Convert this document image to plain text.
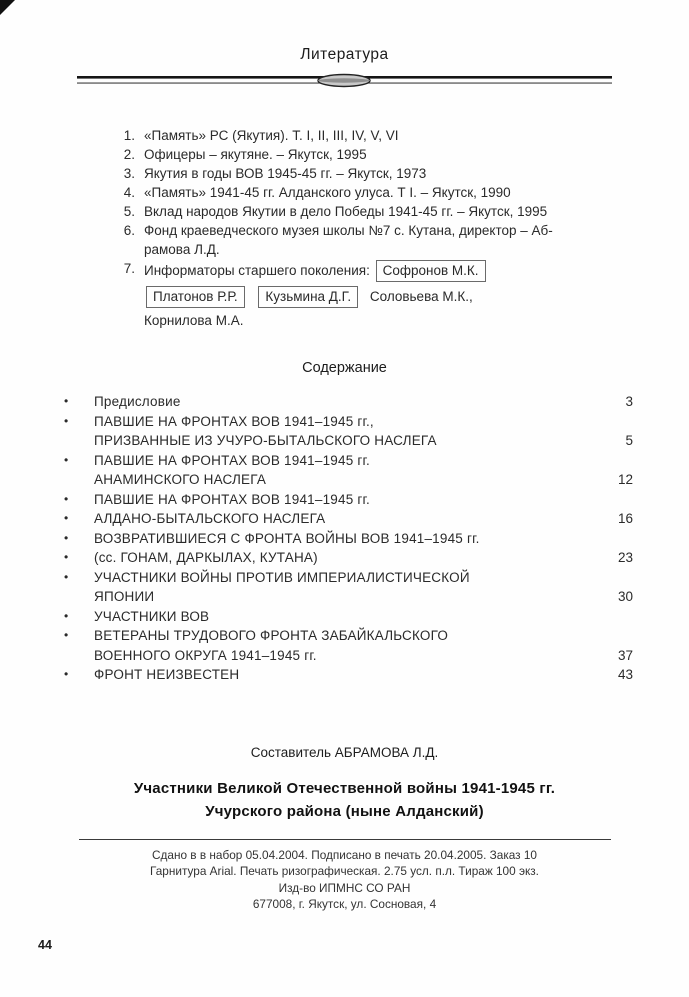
Литература
1. «Память» РС (Якутия). Т. I, II, III, IV, V, VI
2. Офицеры – якутяне. – Якутск, 1995
3. Якутия в годы ВОВ 1945-45 гг. – Якутск, 1973
4. «Память» 1941-45 гг. Алданского улуса. Т I. – Якутск, 1990
5. Вклад народов Якутии в дело Победы 1941-45 гг. – Якутск, 1995
6. Фонд краеведческого музея школы №7 с. Кутана, директор – Аб-
рамова Л.Д.
7. Информаторы старшего поколения: Софронов М.К.
Платонов Р.Р. Кузьмина Д.Г. Соловьева М.К.,
Корнилова М.А.
Содержание
•	Предисловие	3
•	ПАВШИЕ НА ФРОНТАХ ВОВ 1941–1945 гг.,
ПРИЗВАННЫЕ ИЗ УЧУРО-БЫТАЛЬСКОГО НАСЛЕГА	5
•	ПАВШИЕ НА ФРОНТАХ ВОВ 1941–1945 гг.
АНАМИНСКОГО НАСЛЕГА	12
•	ПАВШИЕ НА ФРОНТАХ ВОВ 1941–1945 гг.
•	АЛДАНО-БЫТАЛЬСКОГО НАСЛЕГА	16
•	ВОЗВРАТИВШИЕСЯ С ФРОНТА ВОЙНЫ ВОВ 1941–1945 гг.
•	(сс. ГОНАМ, ДАРКЫЛАХ, КУТАНА)	23
•	УЧАСТНИКИ ВОЙНЫ ПРОТИВ ИМПЕРИАЛИСТИЧЕСКОЙ
ЯПОНИИ	30
•	УЧАСТНИКИ ВОВ
•	ВЕТЕРАНЫ ТРУДОВОГО ФРОНТА ЗАБАЙКАЛЬСКОГО
ВОЕННОГО ОКРУГА 1941–1945 гг.	37
•	ФРОНТ НЕИЗВЕСТЕН	43
Составитель АБРАМОВА Л.Д.
Участники Великой Отечественной войны 1941-1945 гг.
Учурского района (ныне Алданский)
Сдано в в набор 05.04.2004. Подписано в печать 20.04.2005. Заказ 10
Гарнитура Arial. Печать ризографическая. 2.75 усл. п.л. Тираж 100 экз.
Изд-во ИПМНС СО РАН
677008, г. Якутск, ул. Сосновая, 4
44
